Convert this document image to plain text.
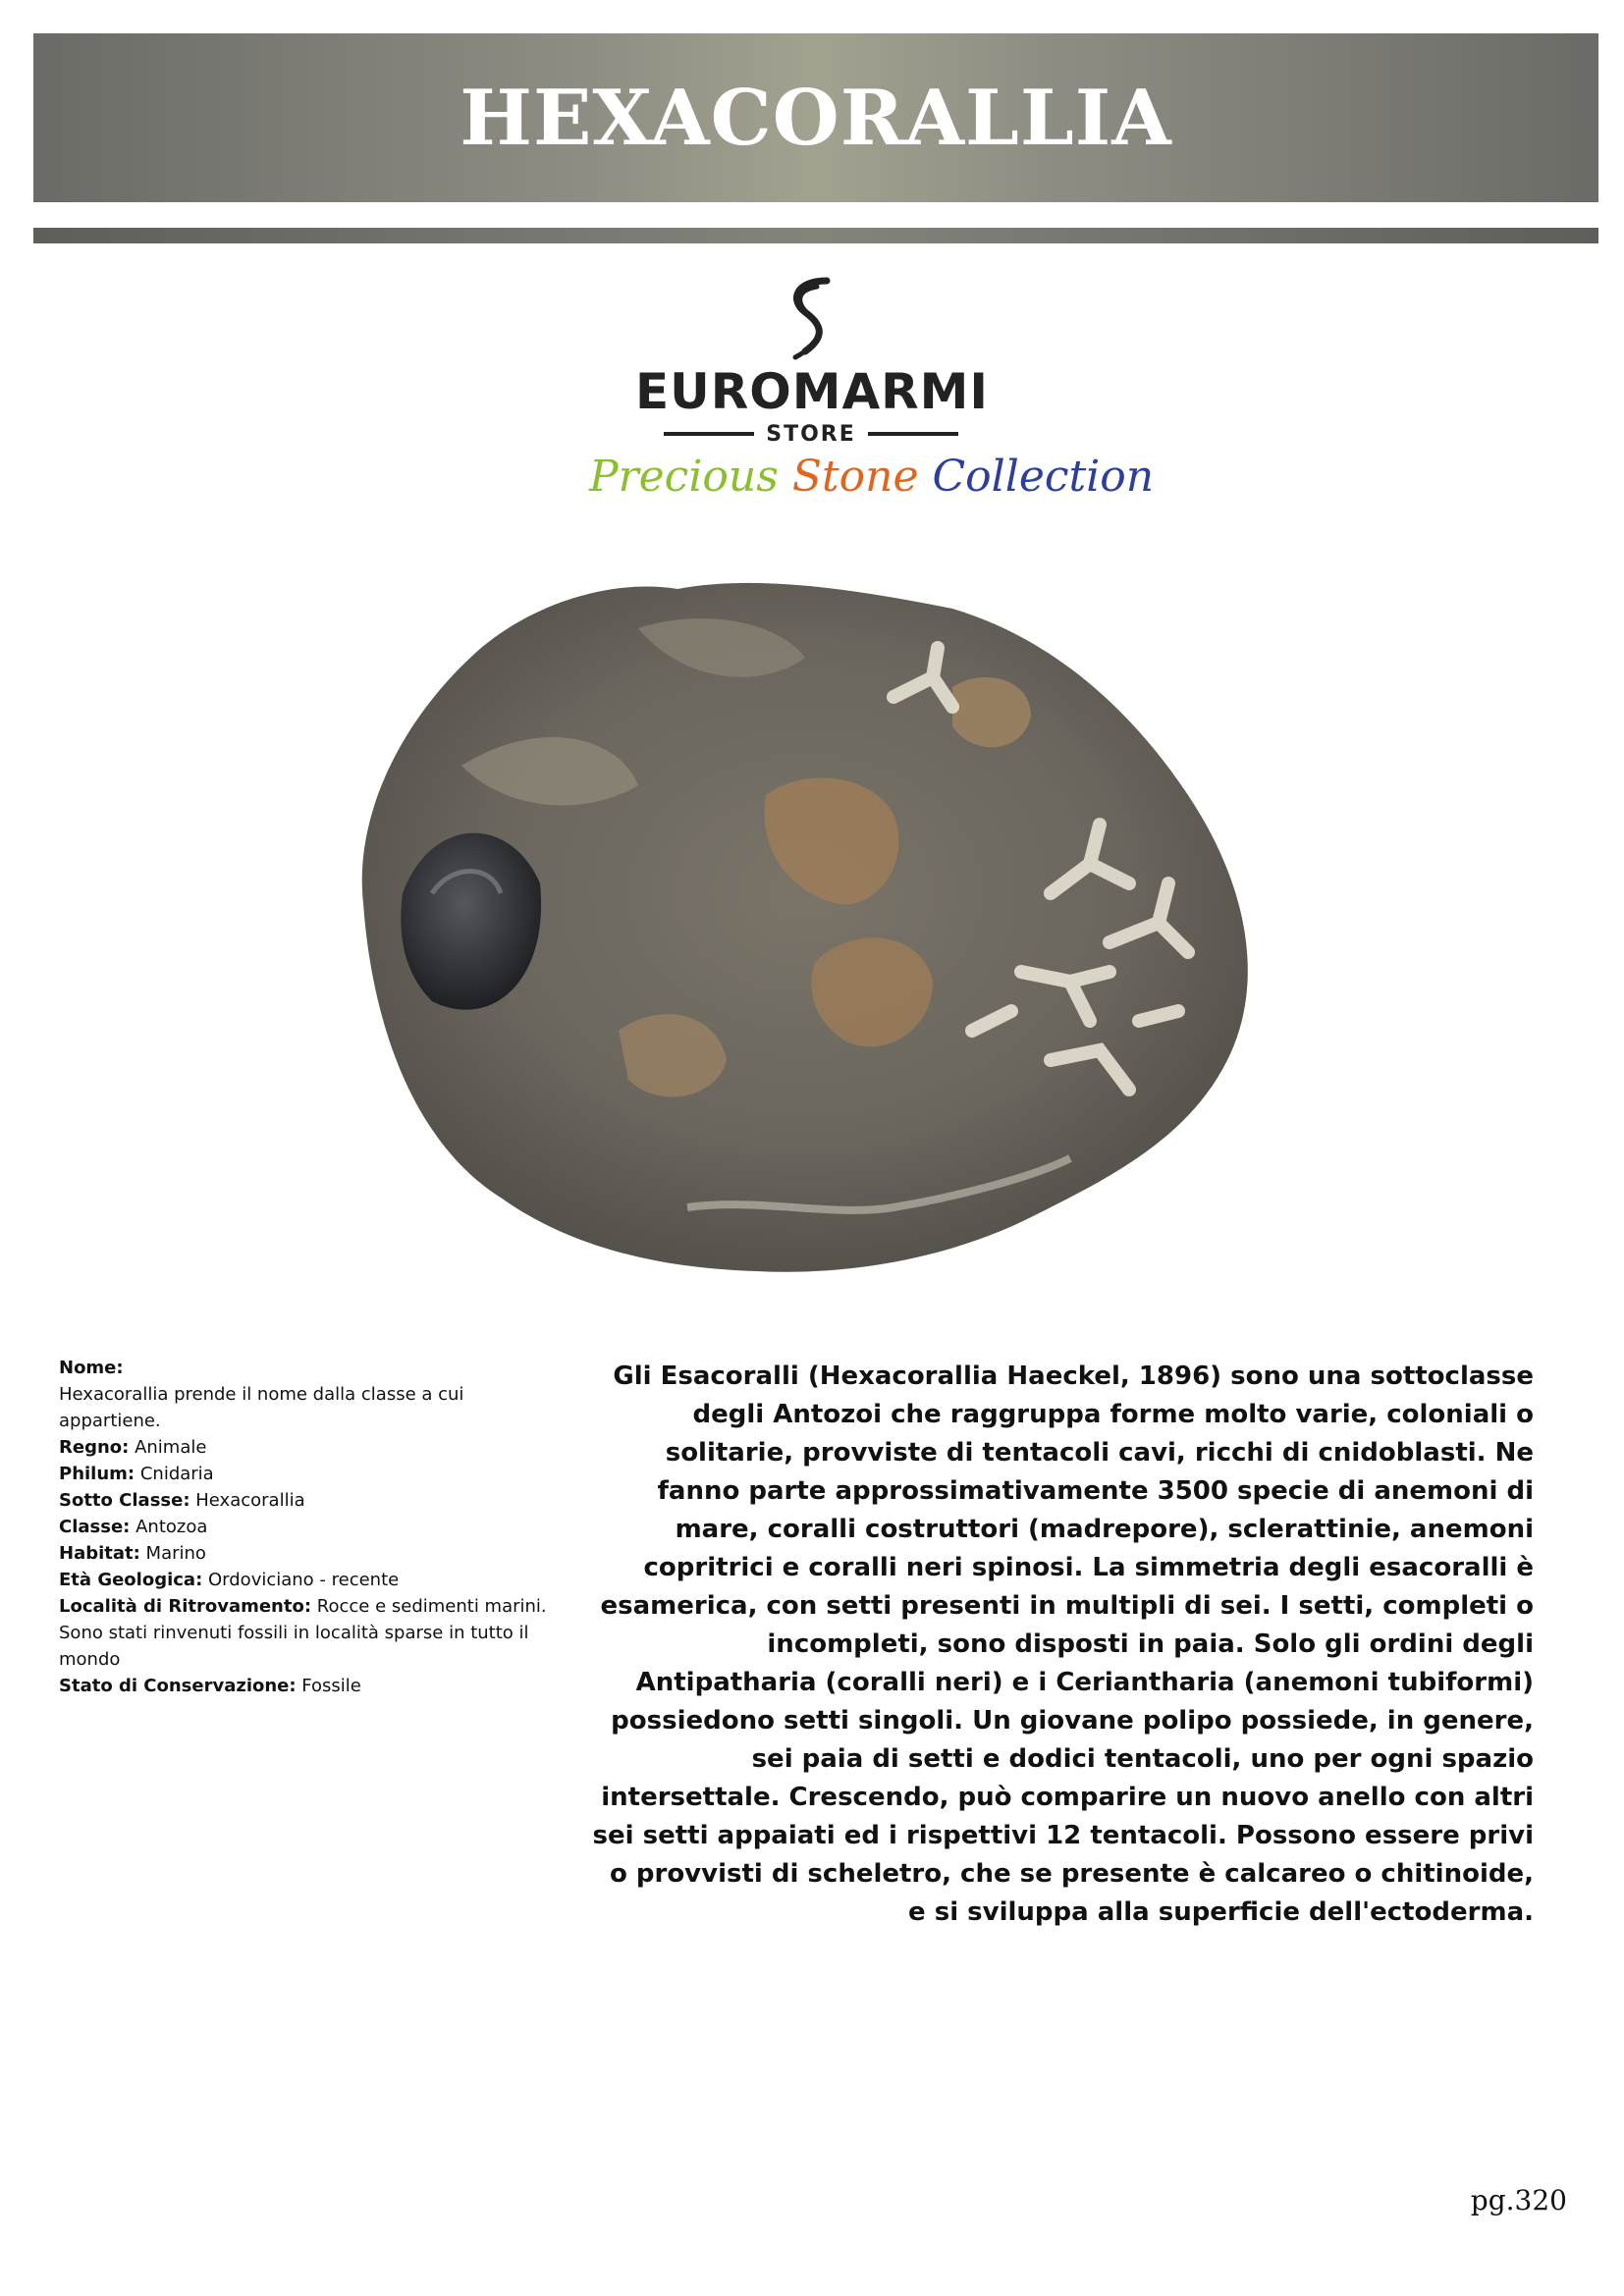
HEXACORALLIA
EUROMARMI
STORE
Precious Stone Collection
Nome:
Hexacorallia prende il nome dalla classe a cui appartiene.
Regno: Animale
Philum: Cnidaria
Sotto Classe: Hexacorallia
Classe: Antozoa
Habitat: Marino
Età Geologica: Ordoviciano - recente
Località di Ritrovamento: Rocce e sedimenti marini. Sono stati rinvenuti fossili in località sparse in tutto il mondo
Stato di Conservazione: Fossile
Gli Esacoralli (Hexacorallia Haeckel, 1896) sono una sottoclasse degli Antozoi che raggruppa forme molto varie, coloniali o solitarie, provviste di tentacoli cavi, ricchi di cnidoblasti. Ne fanno parte approssimativamente 3500 specie di anemoni di mare, coralli costruttori (madrepore), sclerattinie, anemoni copritrici e coralli neri spinosi. La simmetria degli esacoralli è esamerica, con setti presenti in multipli di sei. I setti, completi o incompleti, sono disposti in paia. Solo gli ordini degli Antipatharia (coralli neri) e i Ceriantharia (anemoni tubiformi) possiedono setti singoli. Un giovane polipo possiede, in genere, sei paia di setti e dodici tentacoli, uno per ogni spazio intersettale. Crescendo, può comparire un nuovo anello con altri sei setti appaiati ed i rispettivi 12 tentacoli. Possono essere privi o provvisti di scheletro, che se presente è calcareo o chitinoide, e si sviluppa alla superficie dell'ectoderma.
pg.320
